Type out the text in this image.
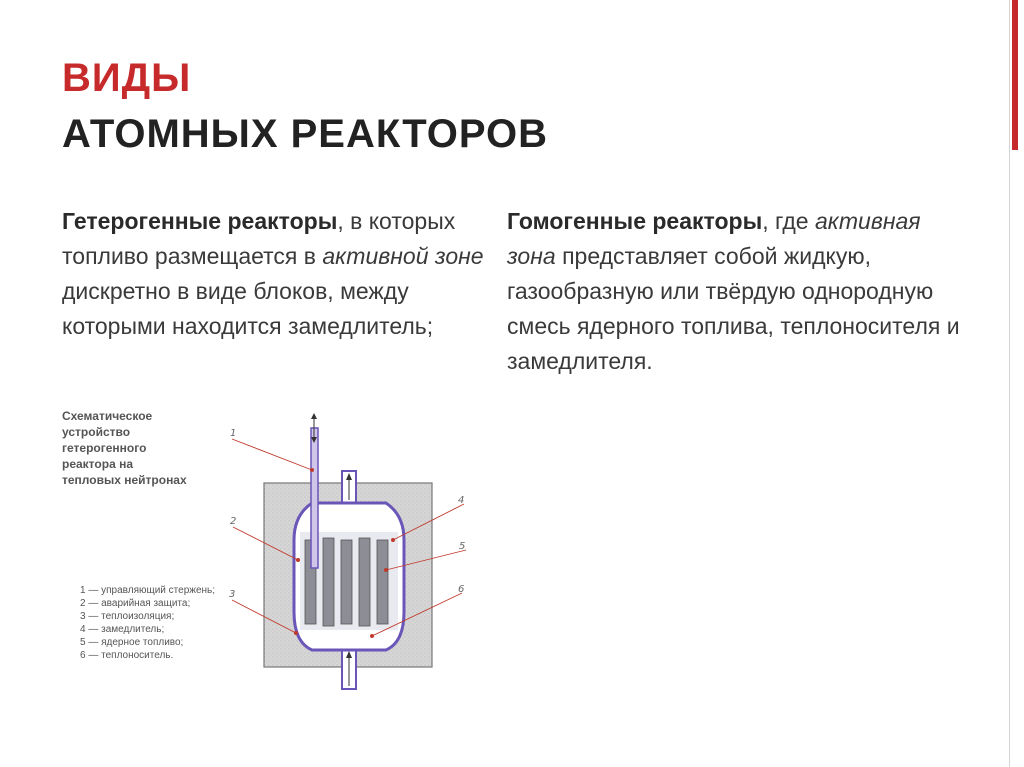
ВИДЫ
АТОМНЫХ РЕАКТОРОВ
Гетерогенные реакторы, в которых топливо размещается в активной зоне дискретно в виде блоков, между которыми находится замедлитель;
Гомогенные реакторы, где активная зона представляет собой жидкую, газообразную или твёрдую однородную смесь ядерного топлива, теплоносителя и замедлителя.
Схематическое устройство гетерогенного реактора на тепловых нейтронах
1 — управляющий стержень;
2 — аварийная защита;
3 — теплоизоляция;
4 — замедлитель;
5 — ядерное топливо;
6 — теплоноситель.
1
2
3
4
5
6
